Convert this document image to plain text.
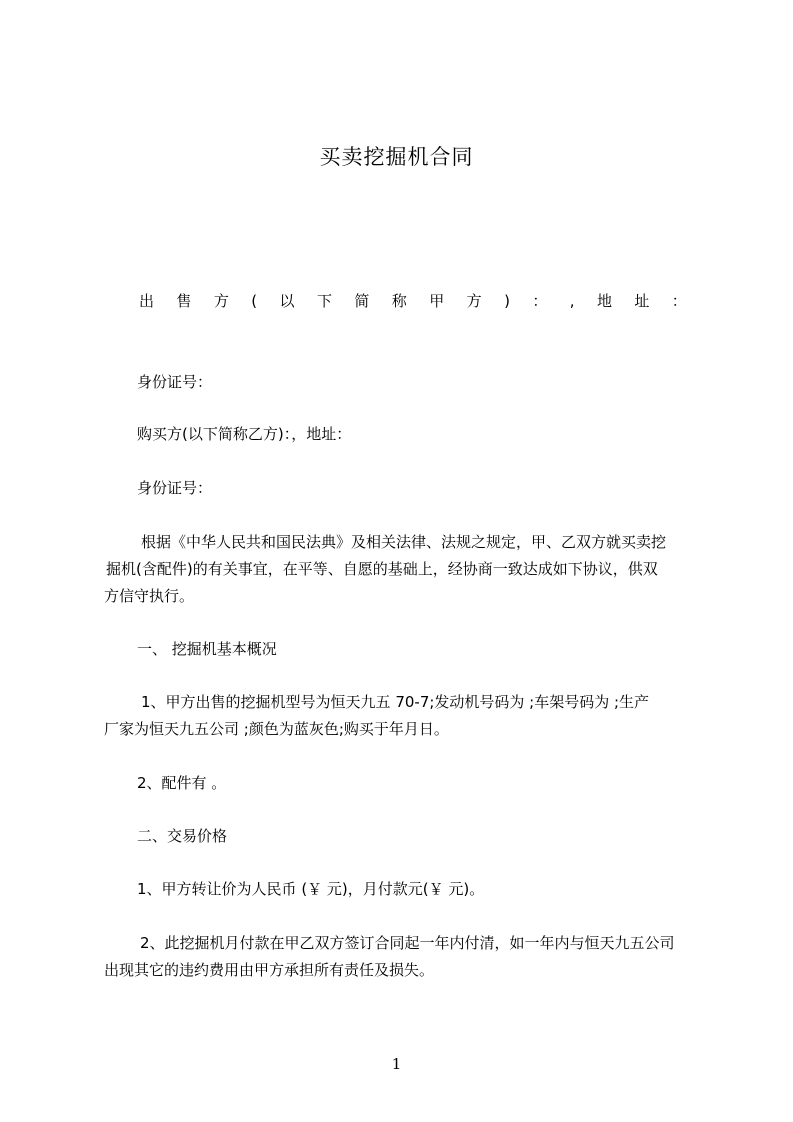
买卖挖掘机合同
出 售 方 ( 以 下 简 称 甲 方 ) ： , 地 址 ：
身份证号：
购买方(以下简称乙方)：，地址：
身份证号：
根据《中华人民共和国民法典》及相关法律、法规之规定，甲、乙双方就买卖挖
掘机(含配件)的有关事宜，在平等、自愿的基础上，经协商一致达成如下协议，供双
方信守执行。
一、 挖掘机基本概况
1、甲方出售的挖掘机型号为恒天九五 70-7;发动机号码为 ;车架号码为 ;生产
厂家为恒天九五公司 ;颜色为蓝灰色;购买于年月日。
2、配件有 。
二、交易价格
1、甲方转让价为人民币 (￥ 元)，月付款元(￥ 元)。
2、此挖掘机月付款在甲乙双方签订合同起一年内付清，如一年内与恒天九五公司
出现其它的违约费用由甲方承担所有责任及损失。
1
